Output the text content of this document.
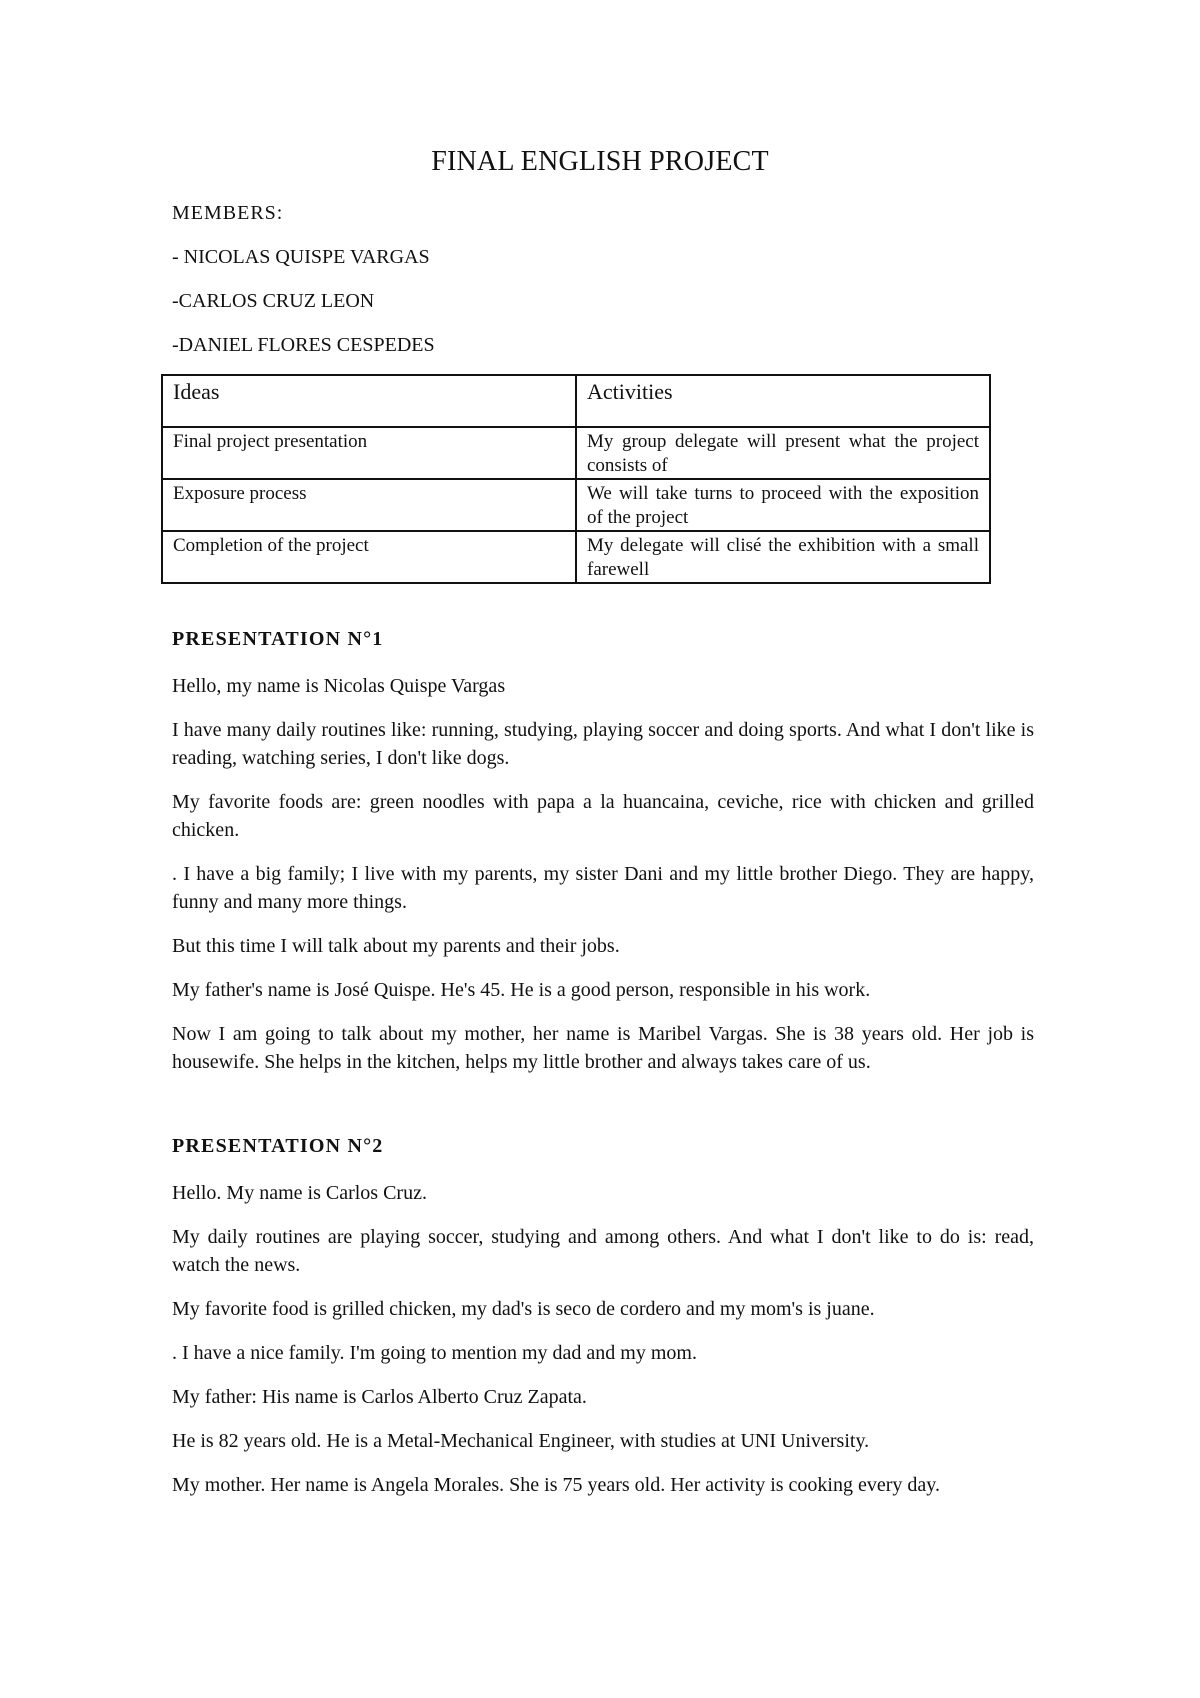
FINAL ENGLISH PROJECT
MEMBERS:
- NICOLAS QUISPE VARGAS
-CARLOS CRUZ LEON
-DANIEL FLORES CESPEDES
Ideas	Activities
Final project presentation	My group delegate will present what the project consists of
Exposure process	We will take turns to proceed with the exposition of the project
Completion of the project	My delegate will clisé the exhibition with a small farewell
PRESENTATION N°1
Hello, my name is Nicolas Quispe Vargas
I have many daily routines like: running, studying, playing soccer and doing sports. And what I don't like is reading, watching series, I don't like dogs.
My favorite foods are: green noodles with papa a la huancaina, ceviche, rice with chicken and grilled chicken.
. I have a big family; I live with my parents, my sister Dani and my little brother Diego. They are happy, funny and many more things.
But this time I will talk about my parents and their jobs.
My father's name is José Quispe. He's 45. He is a good person, responsible in his work.
Now I am going to talk about my mother, her name is Maribel Vargas. She is 38 years old. Her job is housewife. She helps in the kitchen, helps my little brother and always takes care of us.
PRESENTATION N°2
Hello. My name is Carlos Cruz.
My daily routines are playing soccer, studying and among others. And what I don't like to do is: read, watch the news.
My favorite food is grilled chicken, my dad's is seco de cordero and my mom's is juane.
. I have a nice family. I'm going to mention my dad and my mom.
My father: His name is Carlos Alberto Cruz Zapata.
He is 82 years old. He is a Metal-Mechanical Engineer, with studies at UNI University.
My mother. Her name is Angela Morales. She is 75 years old. Her activity is cooking every day.
